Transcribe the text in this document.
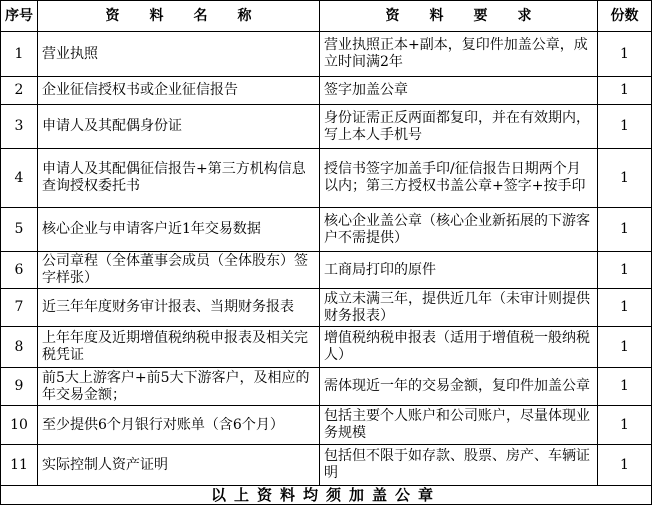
序号	资料名称	资料要求	份数
1	营业执照	营业执照正本+副本，复印件加盖公章，成立时间满2年	1
2	企业征信授权书或企业征信报告	签字加盖公章	1
3	申请人及其配偶身份证	身份证需正反两面都复印，并在有效期内，写上本人手机号	1
4	申请人及其配偶征信报告+第三方机构信息查询授权委托书	授信书签字加盖手印/征信报告日期两个月以内；第三方授权书盖公章+签字+按手印	1
5	核心企业与申请客户近1年交易数据	核心企业盖公章（核心企业新拓展的下游客户不需提供）	1
6	公司章程（全体董事会成员（全体股东）签字样张）	工商局打印的原件	1
7	近三年年度财务审计报表、当期财务报表	成立未满三年，提供近几年（未审计则提供财务报表）	1
8	上年年度及近期增值税纳税申报表及相关完税凭证	增值税纳税申报表（适用于增值税一般纳税人）	1
9	前5大上游客户+前5大下游客户，及相应的年交易金额；	需体现近一年的交易金额，复印件加盖公章	1
10	至少提供6个月银行对账单（含6个月）	包括主要个人账户和公司账户，尽量体现业务规模	1
11	实际控制人资产证明	包括但不限于如存款、股票、房产、车辆证明	1
以上资料均须加盖公章			
